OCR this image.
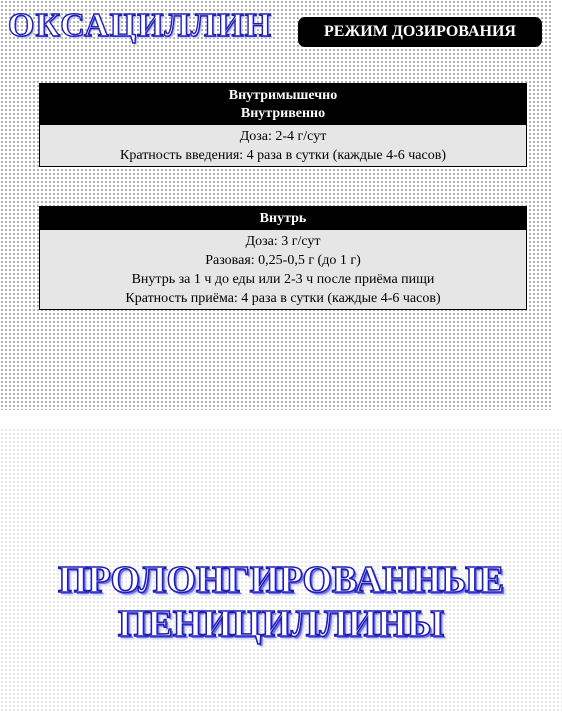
ОКСАЦИЛЛИН	РЕЖИМ ДОЗИРОВАНИЯ
Внутримышечно
Внутривенно
Доза: 2-4 г/сут
Кратность введения: 4 раза в сутки (каждые 4-6 часов)
Внутрь
Доза: 3 г/сут
Разовая: 0,25-0,5 г (до 1 г)
Внутрь за 1 ч до еды или 2-3 ч после приёма пищи
Кратность приёма: 4 раза в сутки (каждые 4-6 часов)
ПРОЛОНГИРОВАННЫЕ
ПЕНИЦИЛЛИНЫ
